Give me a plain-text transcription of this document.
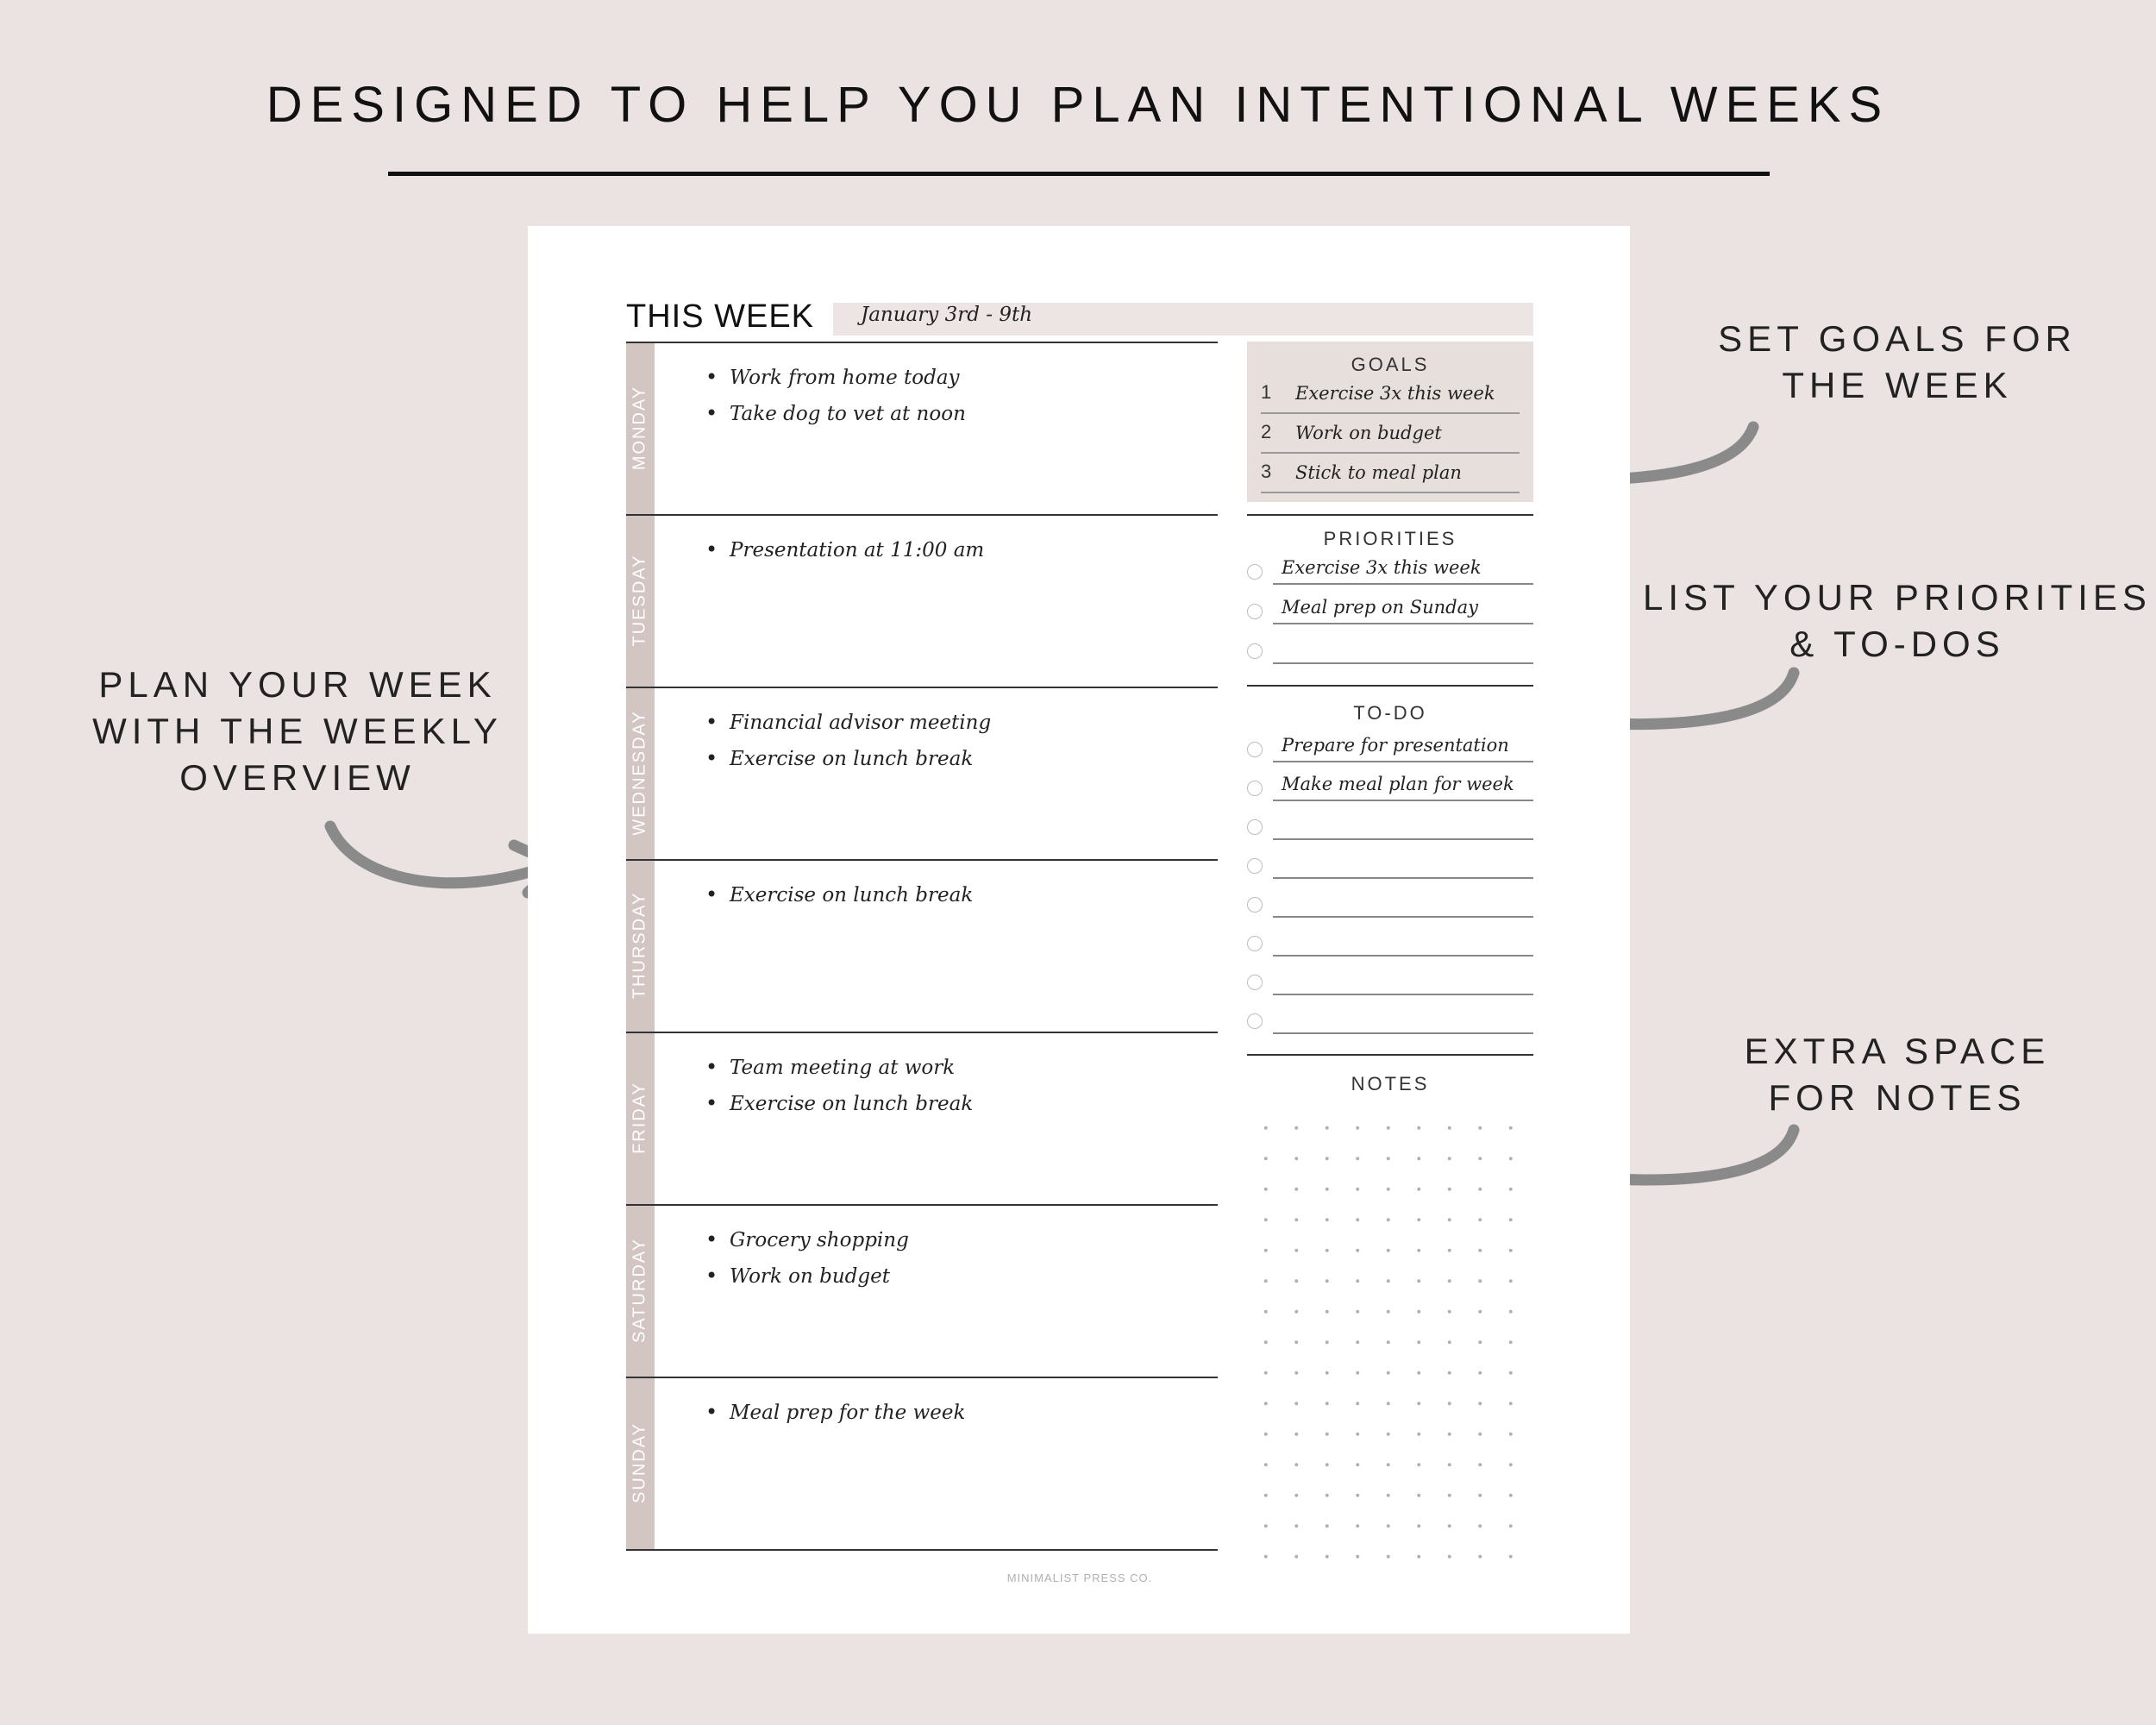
DESIGNED TO HELP YOU PLAN INTENTIONAL WEEKS
SET GOALS FOR
THE WEEK
LIST YOUR PRIORITIES
& TO-DOS
PLAN YOUR WEEK
WITH THE WEEKLY
OVERVIEW
EXTRA SPACE
FOR NOTES
THIS WEEK January 3rd - 9th
MONDAY
• Work from home today
• Take dog to vet at noon
TUESDAY
• Presentation at 11:00 am
WEDNESDAY	• Financial advisor meeting
• Exercise on lunch break
THURSDAY	• Exercise on lunch break
FRIDAY
• Team meeting at work
• Exercise on lunch break
SATURDAY	• Grocery shopping
• Work on budget
SUNDAY
• Meal prep for the week
GOALS
1 Exercise 3x this week
2 Work on budget
3 Stick to meal plan
PRIORITIES
Exercise 3x this week
Meal prep on Sunday
TO-DO
Prepare for presentation
Make meal plan for week
NOTES
MINIMALIST PRESS CO.
